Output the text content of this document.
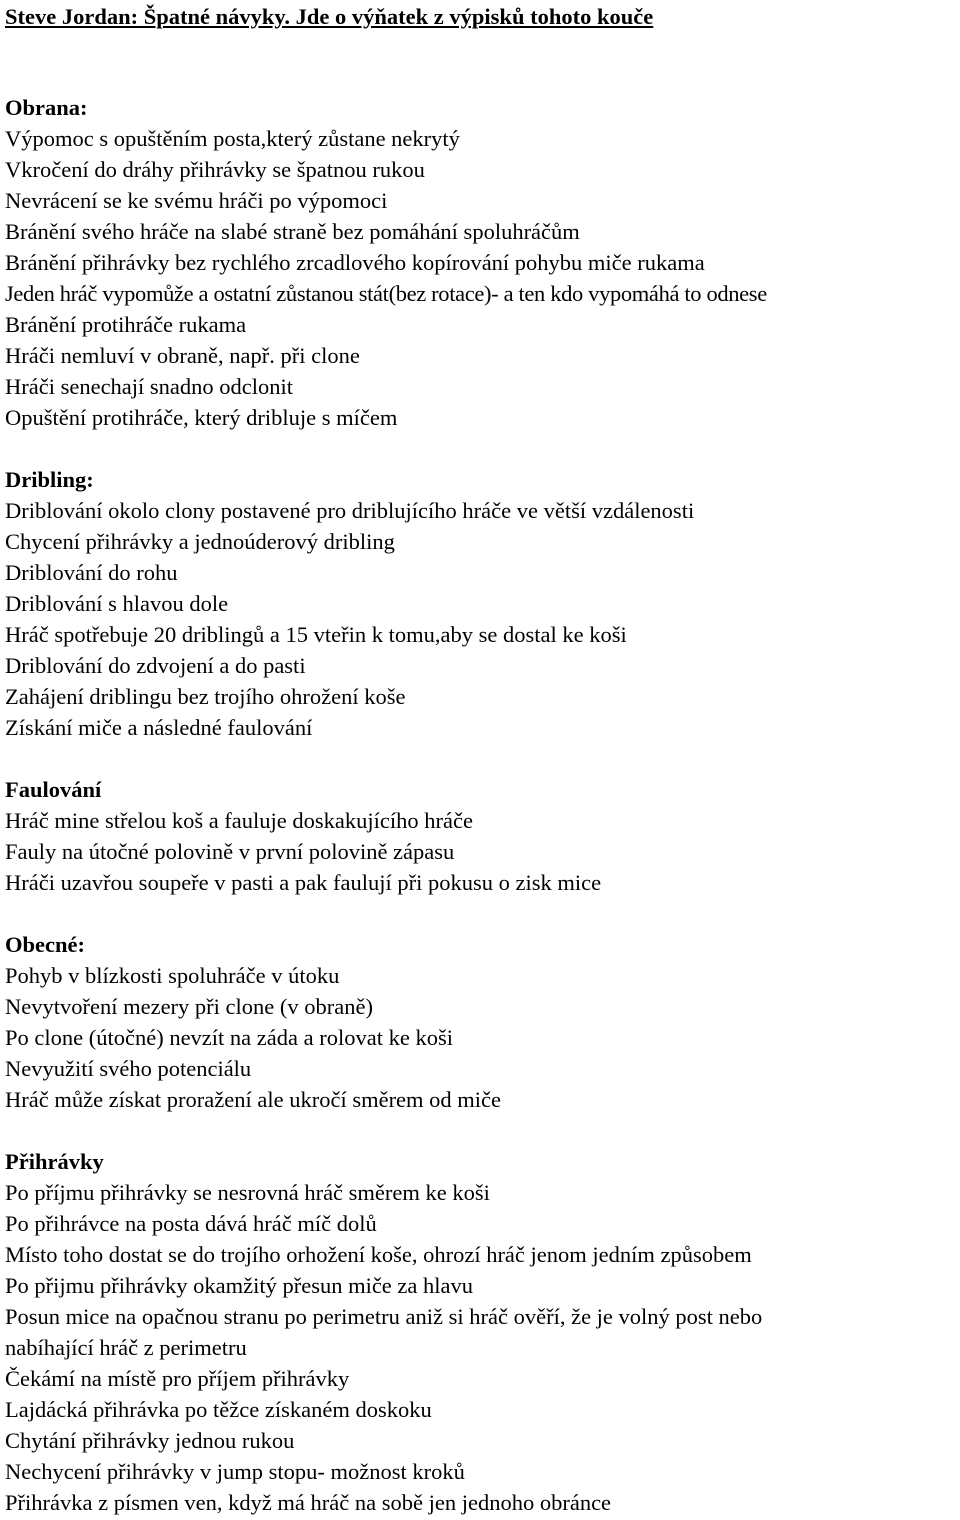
Steve Jordan: Špatné návyky. Jde o výňatek z výpisků tohoto kouče
Obrana:
Výpomoc s opuštěním posta,který zůstane nekrytý
Vkročení do dráhy přihrávky se špatnou rukou
Nevrácení se ke svému hráči po výpomoci
Bránění svého hráče na slabé straně bez pomáhání spoluhráčům
Bránění přihrávky bez rychlého zrcadlového kopírování pohybu miče rukama
Jeden hráč vypomůže a ostatní zůstanou stát(bez rotace)- a ten kdo vypomáhá to odnese
Bránění protihráče rukama
Hráči nemluví v obraně, např. při clone
Hráči senechají snadno odclonit
Opuštění protihráče, který dribluje s míčem
Dribling:
Driblování okolo clony postavené pro driblujícího hráče ve větší vzdálenosti
Chycení přihrávky a jednoúderový dribling
Driblování do rohu
Driblování s hlavou dole
Hráč spotřebuje 20 driblingů a 15 vteřin k tomu,aby se dostal ke koši
Driblování do zdvojení a do pasti
Zahájení driblingu bez trojího ohrožení koše
Získání miče a následné faulování
Faulování
Hráč mine střelou koš a fauluje doskakujícího hráče
Fauly na útočné polovině v první polovině zápasu
Hráči uzavřou soupeře v pasti a pak faulují při pokusu o zisk mice
Obecné:
Pohyb v blízkosti spoluhráče v útoku
Nevytvoření mezery při clone (v obraně)
Po clone (útočné) nevzít na záda a rolovat ke koši
Nevyužití svého potenciálu
Hráč může získat proražení ale ukročí směrem od miče
Přihrávky
Po příjmu přihrávky se nesrovná hráč směrem ke koši
Po přihrávce na posta dává hráč míč dolů
Místo toho dostat se do trojího orhožení koše, ohrozí hráč jenom jedním způsobem
Po přijmu přihrávky okamžitý přesun miče za hlavu
Posun mice na opačnou stranu po perimetru aniž si hráč ověří, že je volný post nebo
nabíhající hráč z perimetru
Čekámí na místě pro příjem přihrávky
Lajdácká přihrávka po těžce získaném doskoku
Chytání přihrávky jednou rukou
Nechycení přihrávky v jump stopu- možnost kroků
Přihrávka z písmen ven, když má hráč na sobě jen jednoho obránce
